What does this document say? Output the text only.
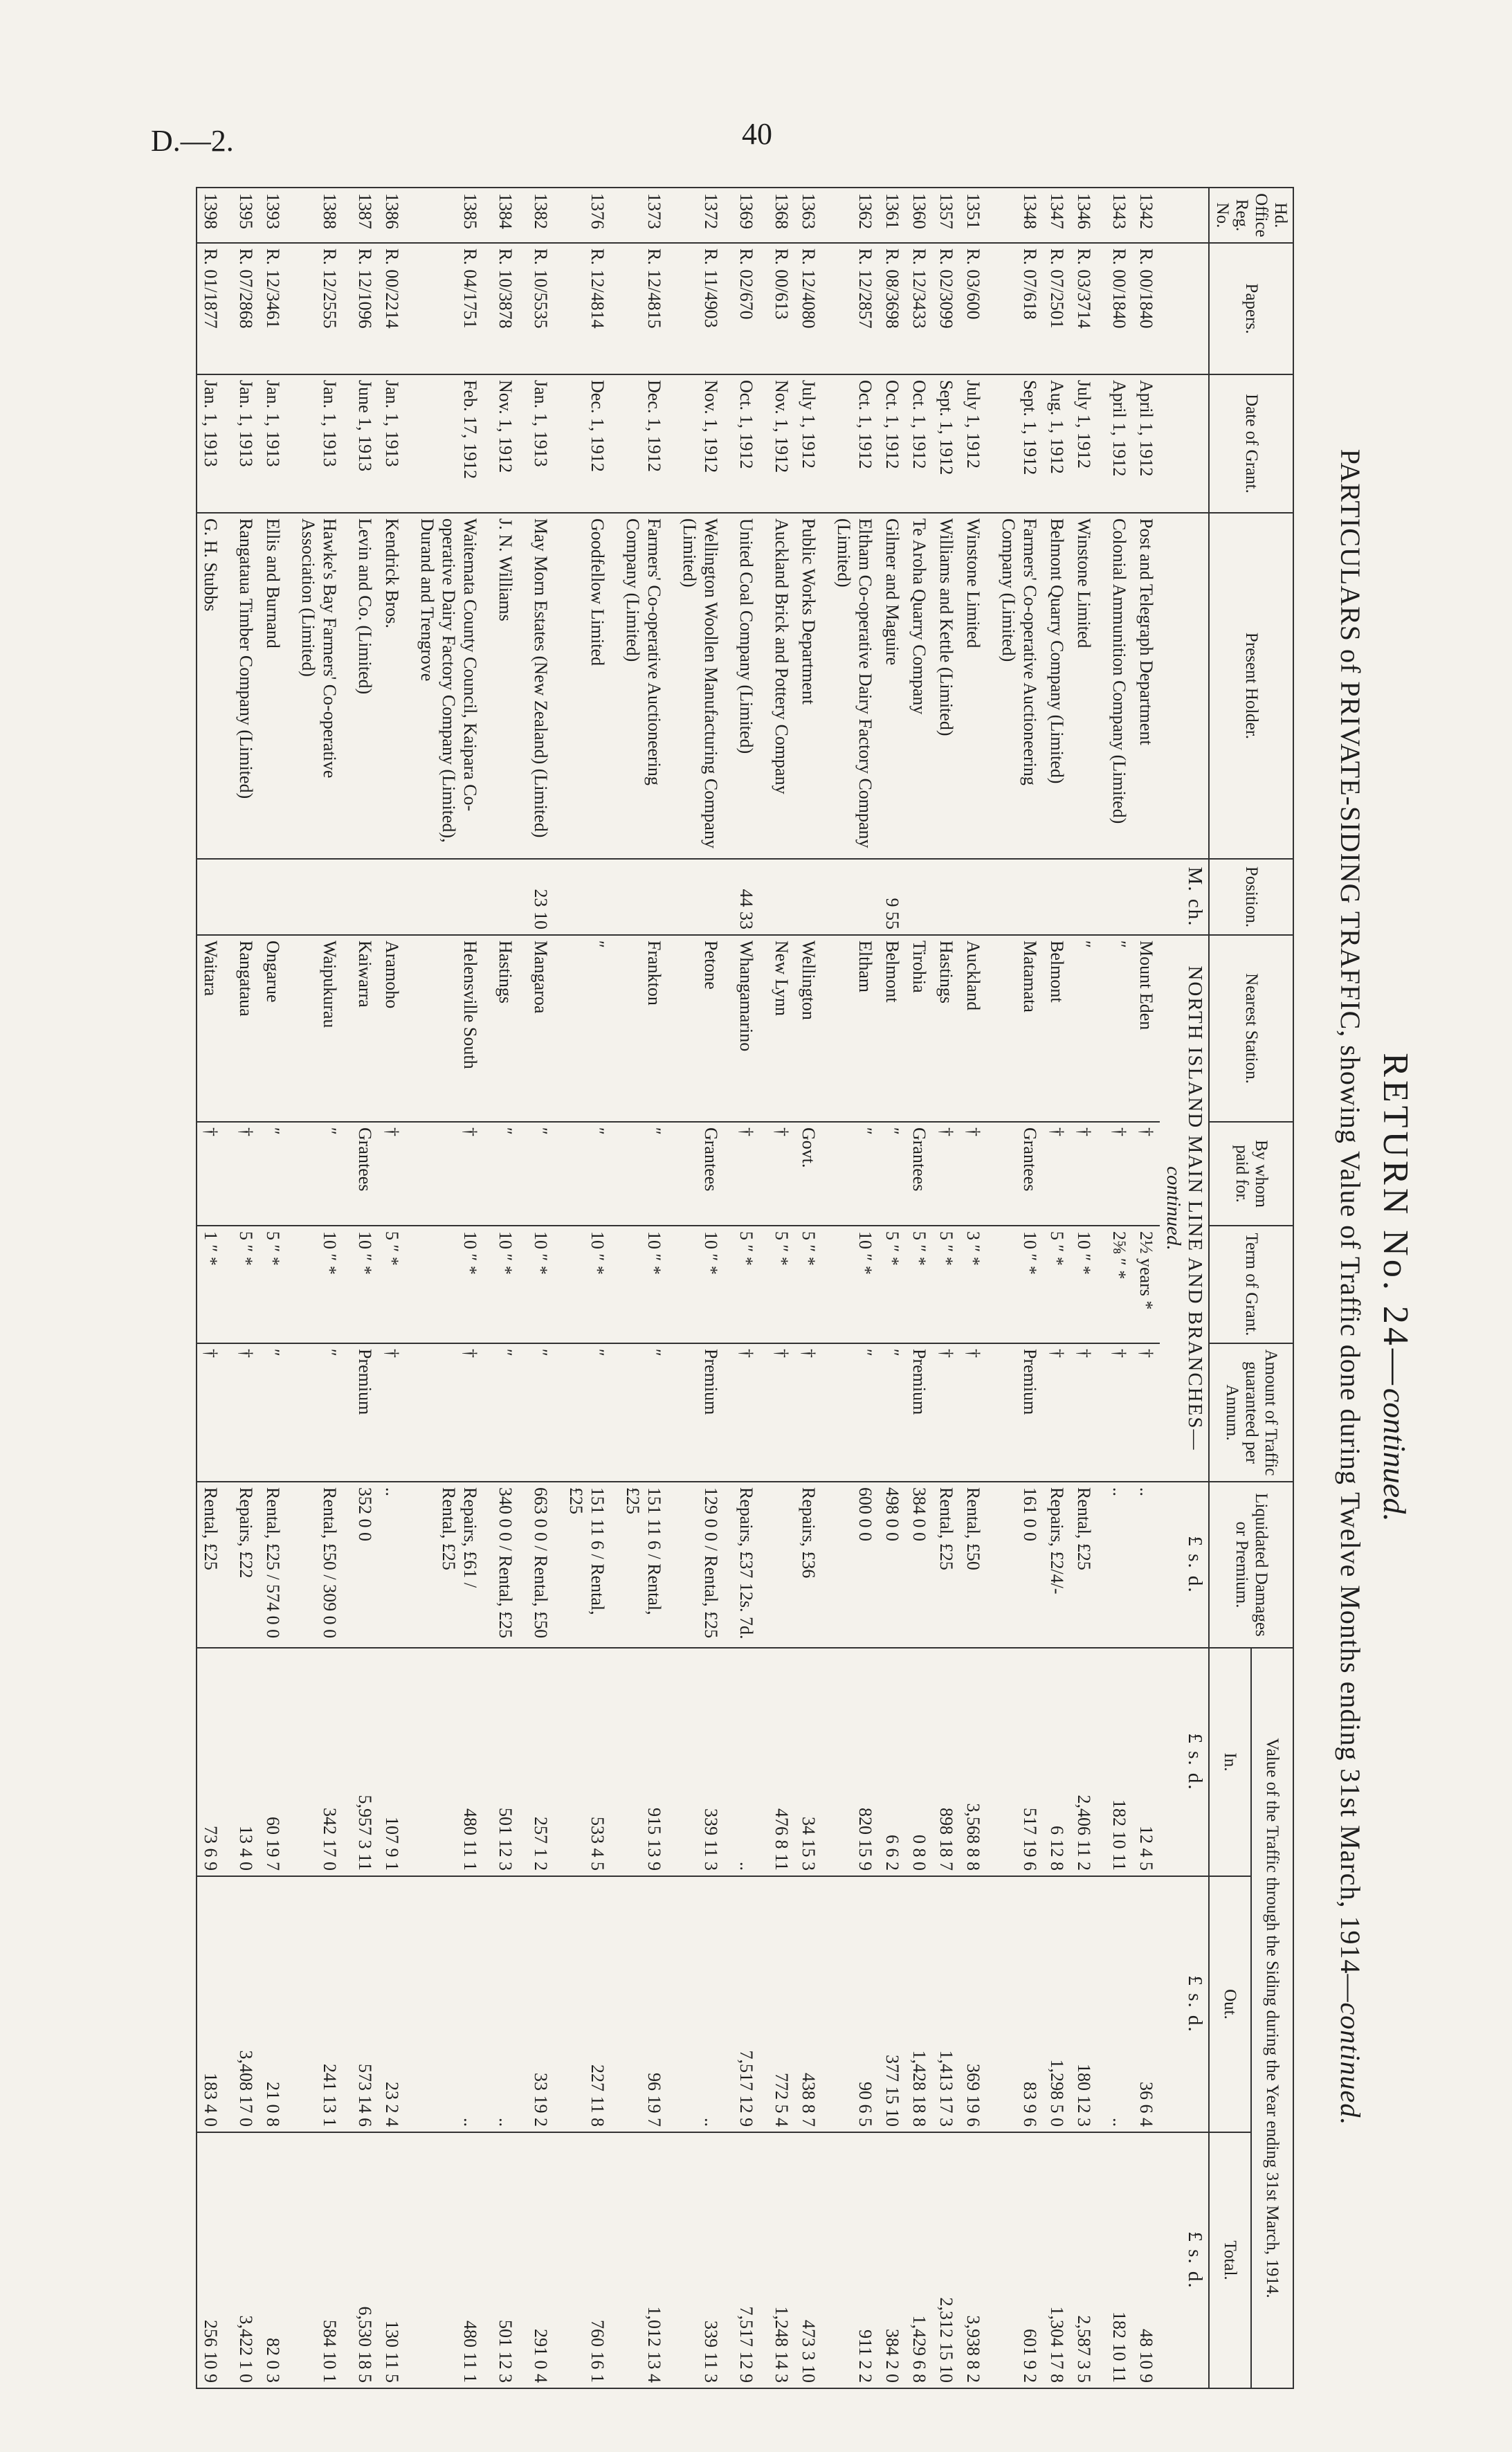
D.—2.	40
RETURN No. 24—continued.
PARTICULARS of PRIVATE-SIDING TRAFFIC, showing Value of Traffic done during Twelve Months ending 31st March, 1914—continued.
Hd. Office Reg. No.	Papers.	Date of Grant.	Present Holder.	Position.	Nearest Station.	By whom paid for.	Term of Grant.	Amount of Traffic guaranteed per Annum.	Liquidated Damages or Premium.	Value of the Traffic through the Siding during the Year ending 31st March, 1914.		
										In.	Out.	Total.
				M. ch.	NORTH ISLAND MAIN LINE AND BRANCHES—continued.				£ s. d.	£ s. d.	£ s. d.	£ s. d.
1342	R. 00/1840	April 1, 1912	Post and Telegraph Department		Mount Eden	†	2½ years *	†	..	12 4 5	36 6 4	48 10 9
1343	R. 00/1840	April 1, 1912	Colonial Ammunition Company (Limited)		″	†	2⅝ ″ *	†	..	182 10 11	..	182 10 11
1346	R. 03/3714	July 1, 1912	Winstone Limited		″	†	10 ″ *	†	Rental, £25	2,406 11 2	180 12 3	2,587 3 5
1347	R. 07/2501	Aug. 1, 1912	Belmont Quarry Company (Limited)		Belmont	†	5 ″ *	†	Repairs, £2/4/-	6 12 8	1,298 5 0	1,304 17 8
1348	R. 07/618	Sept. 1, 1912	Farmers' Co-operative Auctioneering Company (Limited)		Matamata	Grantees	10 ″ *	Premium	161 0 0	517 19 6	83 9 6	601 9 2
1351	R. 03/600	July 1, 1912	Winstone Limited		Auckland	†	3 ″ *	†	Rental, £50	3,568 8 8	369 19 6	3,938 8 2
1357	R. 02/3099	Sept. 1, 1912	Williams and Kettle (Limited)		Hastings	†	5 ″ *	†	Rental, £25	898 18 7	1,413 17 3	2,312 15 10
1360	R. 12/3433	Oct. 1, 1912	Te Aroha Quarry Company		Tirohia	Grantees	5 ″ *	Premium	384 0 0	0 8 0	1,428 18 8	1,429 6 8
1361	R. 08/3698	Oct. 1, 1912	Gilmer and Maguire	9 55	Belmont	″	5 ″ *	″	498 0 0	6 6 2	377 15 10	384 2 0
1362	R. 12/2857	Oct. 1, 1912	Eltham Co-operative Dairy Factory Company (Limited)		Eltham	″	10 ″ *	″	600 0 0	820 15 9	90 6 5	911 2 2
1363	R. 12/4080	July 1, 1912	Public Works Department		Wellington	Govt.	5 ″ *	†	Repairs, £36	34 15 3	438 8 7	473 3 10
1368	R. 00/613	Nov. 1, 1912	Auckland Brick and Pottery Company		New Lynn	†	5 ″ *	†		476 8 11	772 5 4	1,248 14 3
1369	R. 02/670	Oct. 1, 1912	United Coal Company (Limited)	44 33	Whangamarino	†	5 ″ *	†	Repairs, £37 12s. 7d.	..	7,517 12 9	7,517 12 9
1372	R. 11/4903	Nov. 1, 1912	Wellington Woollen Manufacturing Company (Limited)		Petone	Grantees	10 ″ *	Premium	129 0 0 / Rental, £25	339 11 3	..	339 11 3
1373	R. 12/4815	Dec. 1, 1912	Farmers' Co-operative Auctioneering Company (Limited)		Frankton	″	10 ″ *	″	151 11 6 / Rental, £25	915 13 9	96 19 7	1,012 13 4
1376	R. 12/4814	Dec. 1, 1912	Goodfellow Limited		″	″	10 ″ *	″	151 11 6 / Rental, £25	533 4 5	227 11 8	760 16 1
1382	R. 10/5535	Jan. 1, 1913	May Morn Estates (New Zealand) (Limited)	23 10	Mangaroa	″	10 ″ *	″	663 0 0 / Rental, £50	257 1 2	33 19 2	291 0 4
1384	R. 10/3878	Nov. 1, 1912	J. N. Williams		Hastings	″	10 ″ *	″	340 0 0 / Rental, £25	501 12 3	..	501 12 3
1385	R. 04/1751	Feb. 17, 1912	Waitemata County Council, Kaipara Co-operative Dairy Factory Company (Limited), Durand and Trengrove		Helensville South	†	10 ″ *	†	Repairs, £61 / Rental, £25	480 11 1	..	480 11 1
1386	R. 00/2214	Jan. 1, 1913	Kendrick Bros.		Aramoho	†	5 ″ *	†	..	107 9 1	23 2 4	130 11 5
1387	R. 12/1096	June 1, 1913	Levin and Co. (Limited)		Kaiwarra	Grantees	10 ″ *	Premium	352 0 0	5,957 3 11	573 14 6	6,530 18 5
1388	R. 12/2555	Jan. 1, 1913	Hawke's Bay Farmers' Co-operative Association (Limited)		Waipukurau	″	10 ″ *	″	Rental, £50 / 309 0 0	342 17 0	241 13 1	584 10 1
1393	R. 12/3461	Jan. 1, 1913	Ellis and Burnand		Ongarue	″	5 ″ *	″	Rental, £25 / 574 0 0	60 19 7	21 0 8	82 0 3
1395	R. 07/2868	Jan. 1, 1913	Rangataua Timber Company (Limited)		Rangataua	†	5 ″ *	†	Repairs, £22	13 4 0	3,408 17 0	3,422 1 0
1398	R. 01/1877	Jan. 1, 1913	G. H. Stubbs		Waitara	†	1 ″ *	†	Rental, £25	73 6 9	183 4 0	256 10 9
